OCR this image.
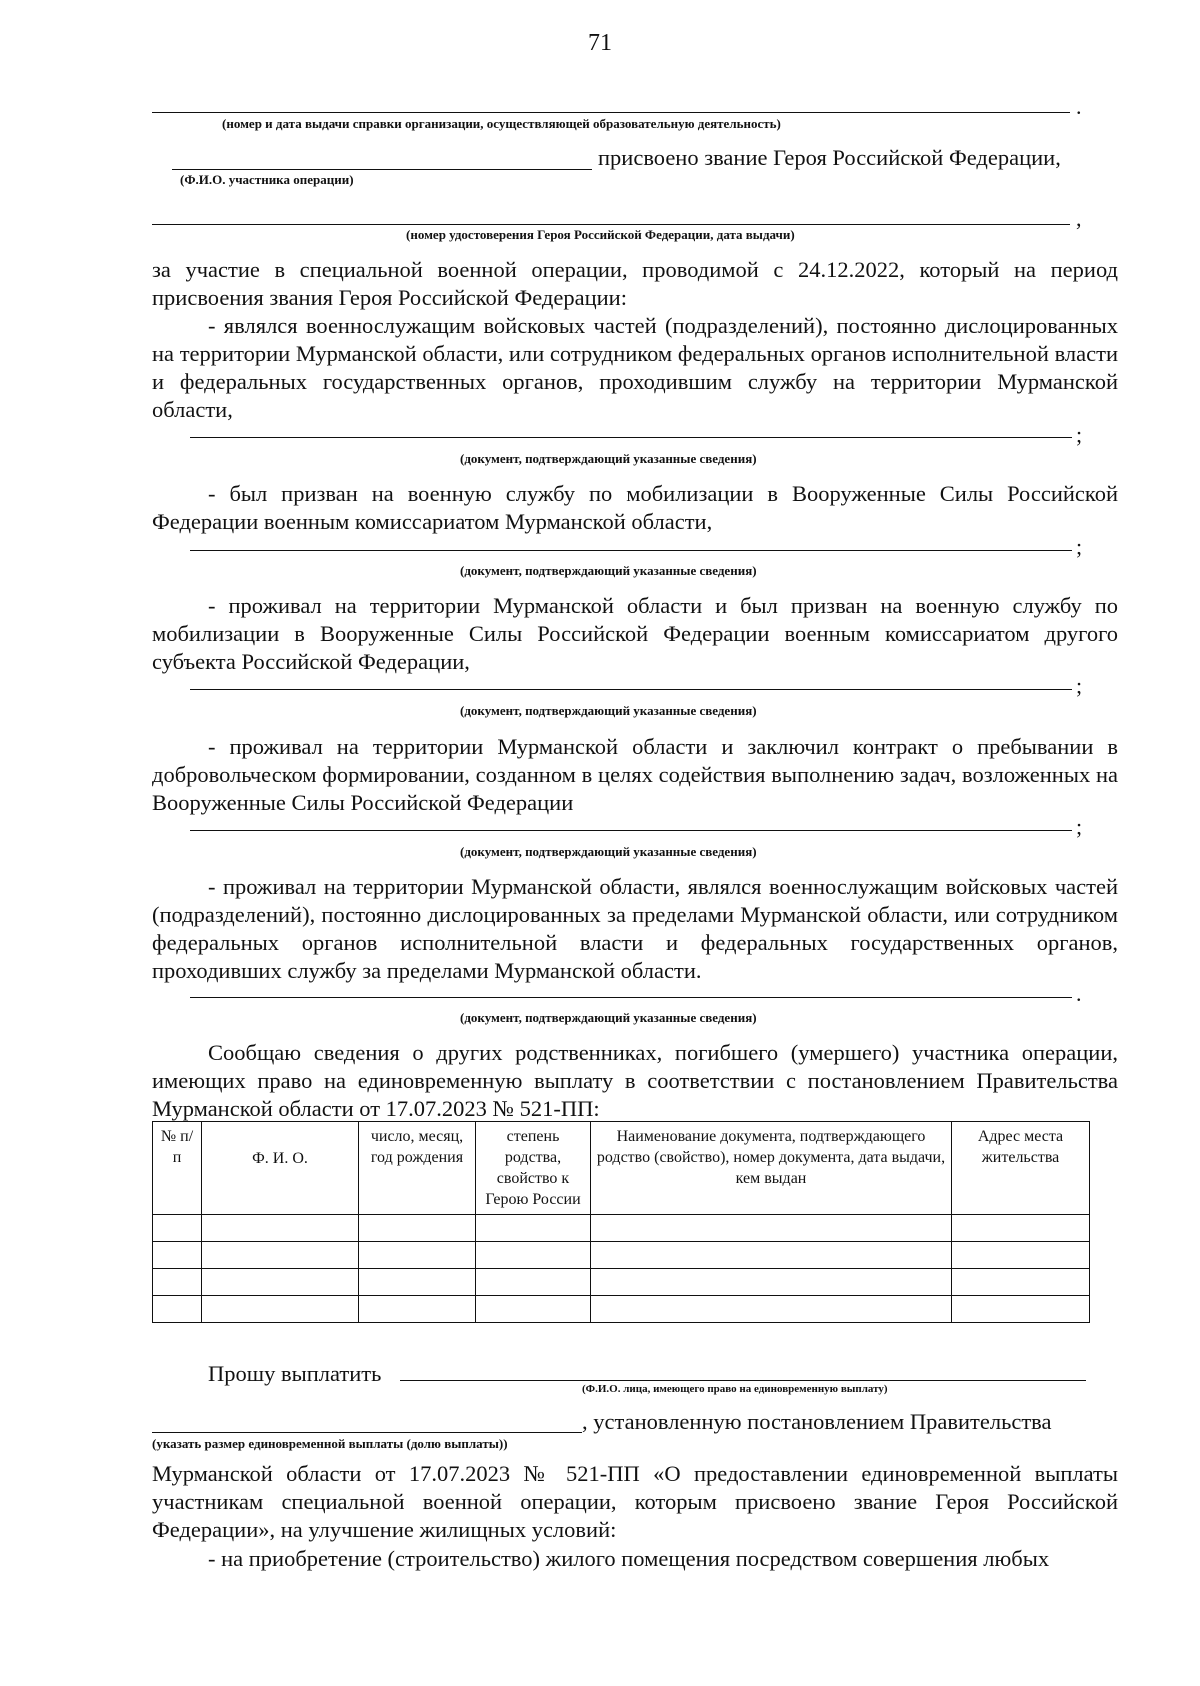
71
.
(номер и дата выдачи справки организации, осуществляющей образовательную деятельность)
присвоено звание Героя Российской Федерации,
(Ф.И.О. участника операции)
,
(номер удостоверения Героя Российской Федерации, дата выдачи)

за участие в специальной военной операции, проводимой с 24.12.2022, который на период присвоения звания Героя Российской Федерации:

- являлся военнослужащим войсковых частей (подразделений), постоянно дислоцированных на территории Мурманской области, или сотрудником федеральных органов исполнительной власти и федеральных государственных органов, проходившим службу на территории Мурманской области,

;
(документ, подтверждающий указанные сведения)

- был призван на военную службу по мобилизации в Вооруженные Силы Российской Федерации военным комиссариатом Мурманской области,

;
(документ, подтверждающий указанные сведения)

- проживал на территории Мурманской области и был призван на военную службу по мобилизации в Вооруженные Силы Российской Федерации военным комиссариатом другого субъекта Российской Федерации,

;
(документ, подтверждающий указанные сведения)

- проживал на территории Мурманской области и заключил контракт о пребывании в добровольческом формировании, созданном в целях содействия выполнению задач, возложенных на Вооруженные Силы Российской Федерации

;
(документ, подтверждающий указанные сведения)

- проживал на территории Мурманской области, являлся военнослужащим войсковых частей (подразделений), постоянно дислоцированных за пределами Мурманской области, или сотрудником федеральных органов исполнительной власти и федеральных государственных органов, проходивших службу за пределами Мурманской области.

.
(документ, подтверждающий указанные сведения)

Сообщаю сведения о других родственниках, погибшего (умершего) участника операции, имеющих право на единовременную выплату в соответствии с постановлением Правительства Мурманской области от 17.07.2023 № 521-ПП:

№ п/ п	Ф. И. О.	число, месяц, год рождения	степень родства, свойство к Герою России	Наименование документа, подтверждающего родство (свойство), номер документа, дата выдачи, кем выдан	Адрес места жительства

Прошу выплатить
(Ф.И.О. лица, имеющего право на единовременную выплату)
, установленную постановлением Правительства
(указать размер единовременной выплаты (долю выплаты))

Мурманской области от 17.07.2023 № 521-ПП «О предоставлении единовременной выплаты участникам специальной военной операции, которым присвоено звание Героя Российской Федерации», на улучшение жилищных условий:

- на приобретение (строительство) жилого помещения посредством совершения любых
